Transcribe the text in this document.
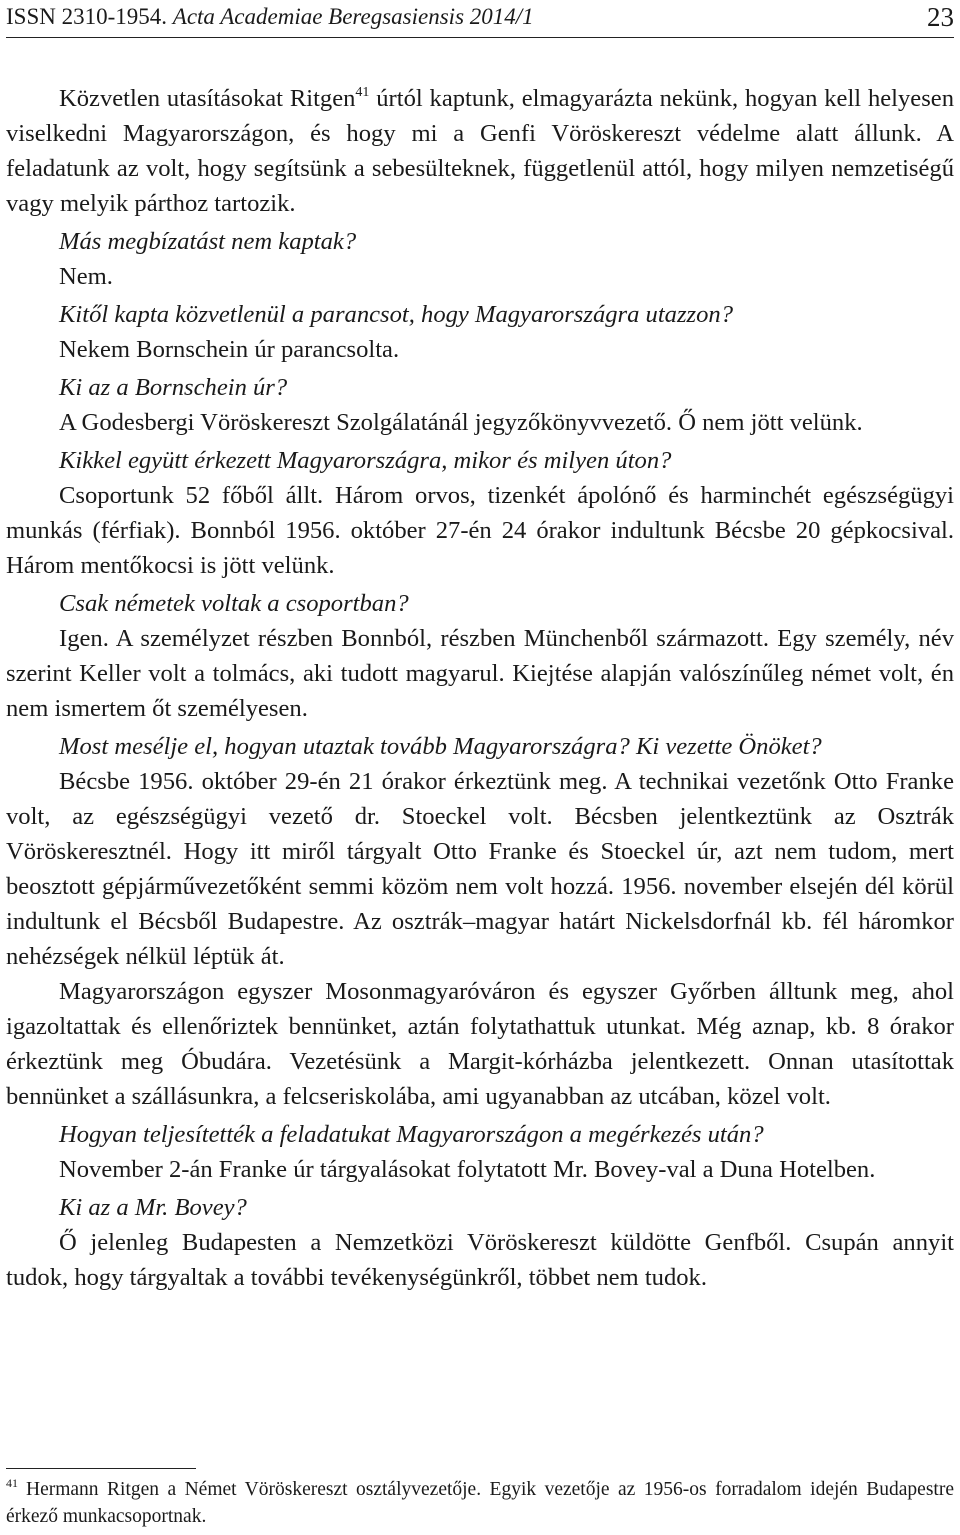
ISSN 2310-1954. Acta Academiae Beregsasiensis 2014/1	23

Közvetlen utasításokat Ritgen$^{41}$ úrtól kaptunk, elmagyarázta nekünk, hogyan kell helyesen viselkedni Magyarországon, és hogy mi a Genfi Vöröskereszt védelme alatt állunk. A feladatunk az volt, hogy segítsünk a sebesülteknek, függetlenül attól, hogy milyen nemzetiségű vagy melyik párthoz tartozik.

Más megbízatást nem kaptak?

Nem.

Kitől kapta közvetlenül a parancsot, hogy Magyarországra utazzon?

Nekem Bornschein úr parancsolta.

Ki az a Bornschein úr?

A Godesbergi Vöröskereszt Szolgálatánál jegyzőkönyvvezető. Ő nem jött velünk.

Kikkel együtt érkezett Magyarországra, mikor és milyen úton?

Csoportunk 52 főből állt. Három orvos, tizenkét ápolónő és harminchét egészségügyi munkás (férfiak). Bonnból 1956. október 27-én 24 órakor indultunk Bécsbe 20 gépkocsival. Három mentőkocsi is jött velünk.

Csak németek voltak a csoportban?

Igen. A személyzet részben Bonnból, részben Münchenből származott. Egy személy, név szerint Keller volt a tolmács, aki tudott magyarul. Kiejtése alapján valószínűleg német volt, én nem ismertem őt személyesen.

Most mesélje el, hogyan utaztak tovább Magyarországra? Ki vezette Önöket?

Bécsbe 1956. október 29-én 21 órakor érkeztünk meg. A technikai vezetőnk Otto Franke volt, az egészségügyi vezető dr. Stoeckel volt. Bécsben jelentkeztünk az Osztrák Vöröskeresztnél. Hogy itt miről tárgyalt Otto Franke és Stoeckel úr, azt nem tudom, mert beosztott gépjárművezetőként semmi közöm nem volt hozzá. 1956. november elsején dél körül indultunk el Bécsből Budapestre. Az osztrák–magyar határt Nickelsdorfnál kb. fél háromkor nehézségek nélkül léptük át.

Magyarországon egyszer Mosonmagyaróváron és egyszer Győrben álltunk meg, ahol igazoltattak és ellenőriztek bennünket, aztán folytathattuk utunkat. Még aznap, kb. 8 órakor érkeztünk meg Óbudára. Vezetésünk a Margit-kórházba jelentkezett. Onnan utasítottak bennünket a szállásunkra, a felcseriskolába, ami ugyanabban az utcában, közel volt.

Hogyan teljesítették a feladatukat Magyarországon a megérkezés után?

November 2-án Franke úr tárgyalásokat folytatott Mr. Bovey-val a Duna Hotelben.

Ki az a Mr. Bovey?

Ő jelenleg Budapesten a Nemzetközi Vöröskereszt küldötte Genfből. Csupán annyit tudok, hogy tárgyaltak a további tevékenységünkről, többet nem tudok.

$^{41}$ Hermann Ritgen a Német Vöröskereszt osztályvezetője. Egyik vezetője az 1956-os forradalom idején Budapestre érkező munkacsoportnak.
